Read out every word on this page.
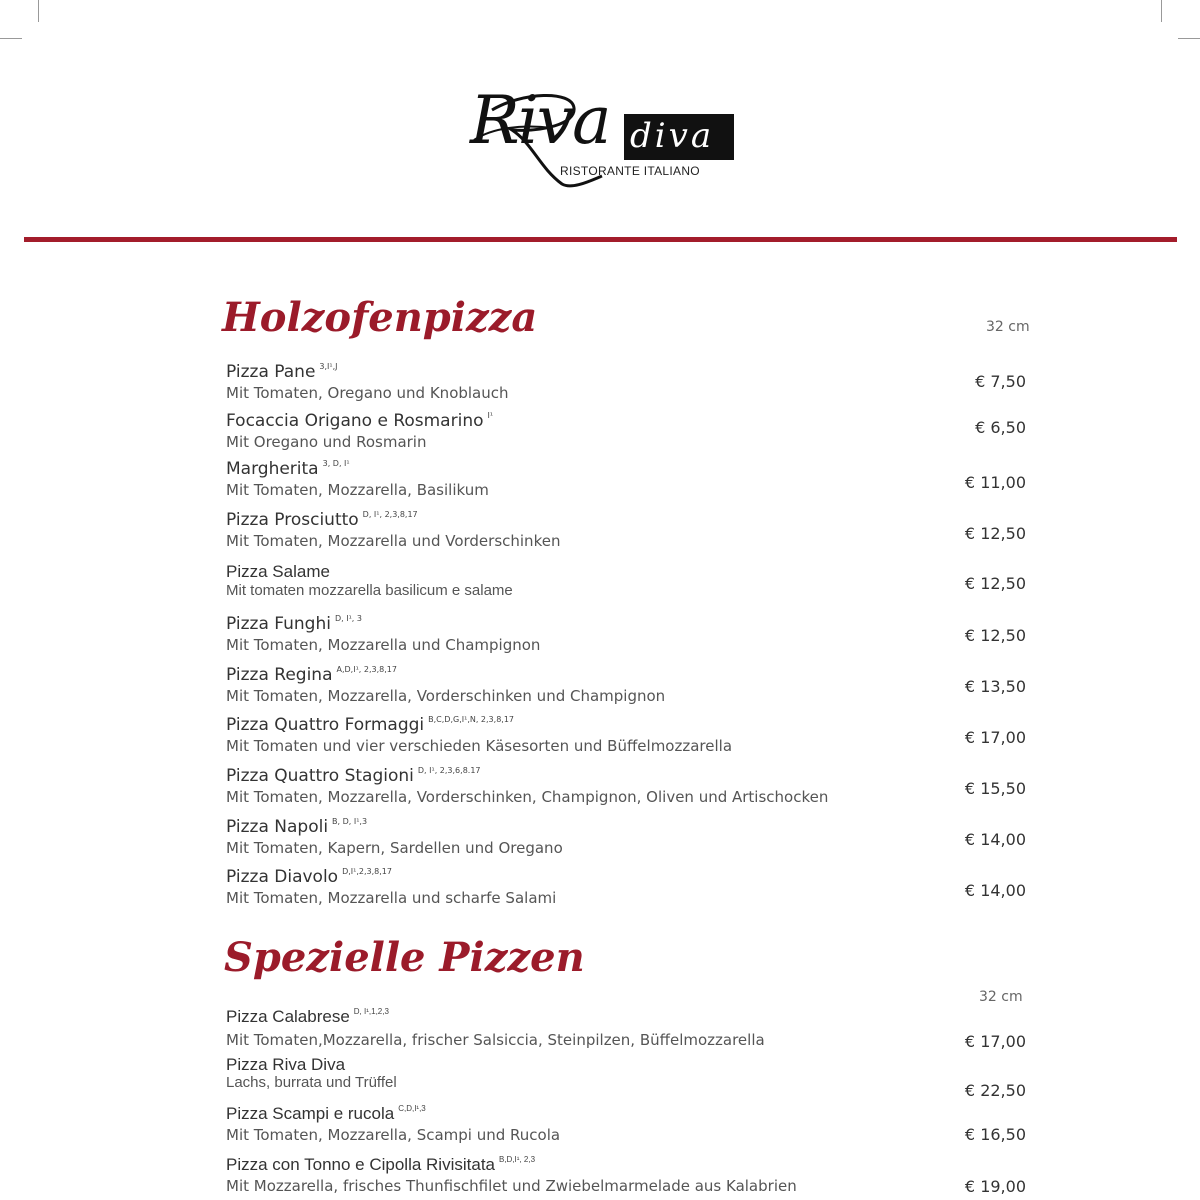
Riva diva
RISTORANTE ITALIANO
Holzofenpizza	32 cm
Pizza Pane $^{3,I^1,J}$
Mit Tomaten, Oregano und Knoblauch
€ 7,50
Focaccia Origano e Rosmarino $^{I^1}$
Mit Oregano und Rosmarin
€ 6,50
Margherita $^{3, D, I^1}$
Mit Tomaten, Mozzarella, Basilikum	€ 11,00
Pizza Prosciutto $^{D, I^1, 2,3,8,17}$
Mit Tomaten, Mozzarella und Vorderschinken	€ 12,50
Pizza Salame
Mit tomaten mozzarella basilicum e salame	€ 12,50
Pizza Funghi $^{D, I^1, 3}$
Mit Tomaten, Mozzarella und Champignon	€ 12,50
Pizza Regina $^{A,D,I^1, 2,3,8,17}$
Mit Tomaten, Mozzarella, Vorderschinken und Champignon	€ 13,50
Pizza Quattro Formaggi $^{B,C,D,G,I^1,N, 2,3,8,17}$
Mit Tomaten und vier verschieden Käsesorten und Büffelmozzarella	€ 17,00
Pizza Quattro Stagioni $^{D, I^1, 2,3,6,8.17}$
Mit Tomaten, Mozzarella, Vorderschinken, Champignon, Oliven und Artischocken	€ 15,50
Pizza Napoli $^{B, D, I^1,3}$
Mit Tomaten, Kapern, Sardellen und Oregano	€ 14,00
Pizza Diavolo $^{D,I^1,2,3,8,17}$
Mit Tomaten, Mozzarella und scharfe Salami	€ 14,00
Spezielle Pizzen
32 cm
Pizza Calabrese $^{D, I^1,1,2,3}$
Mit Tomaten,Mozzarella, frischer Salsiccia, Steinpilzen, Büffelmozzarella	€ 17,00
Pizza Riva Diva
Lachs, burrata und Trüffel	€ 22,50
Pizza Scampi e rucola $^{C,D,I^1,3}$
Mit Tomaten, Mozzarella, Scampi und Rucola	€ 16,50
Pizza con Tonno e Cipolla Rivisitata $^{B,D,I^1, 2,3}$
Mit Mozzarella, frisches Thunfischfilet und Zwiebelmarmelade aus Kalabrien	€ 19,00
